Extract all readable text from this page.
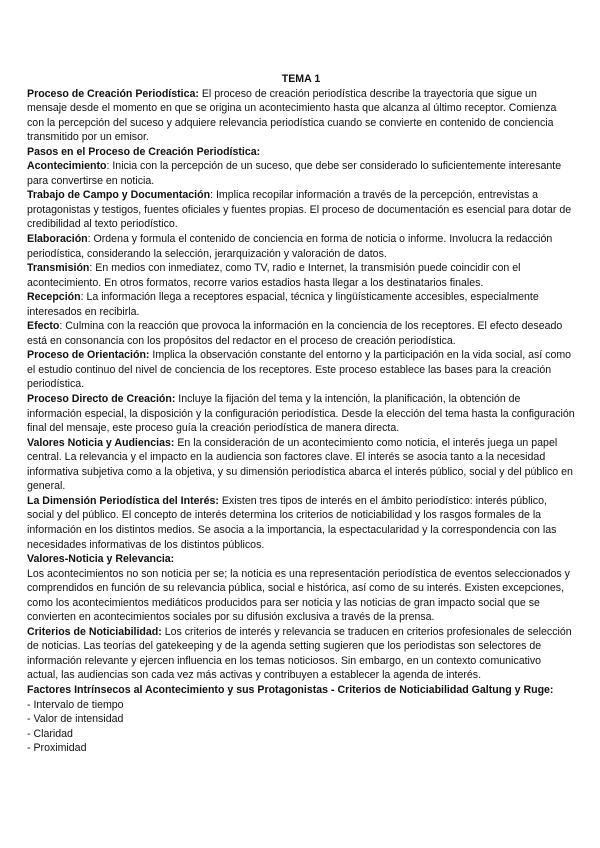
TEMA 1

Proceso de Creación Periodística: El proceso de creación periodística describe la trayectoria que sigue un mensaje desde el momento en que se origina un acontecimiento hasta que alcanza al último receptor. Comienza con la percepción del suceso y adquiere relevancia periodística cuando se convierte en contenido de conciencia transmitido por un emisor.

Pasos en el Proceso de Creación Periodística:

Acontecimiento: Inicia con la percepción de un suceso, que debe ser considerado lo suficientemente interesante para convertirse en noticia.

Trabajo de Campo y Documentación: Implica recopilar información a través de la percepción, entrevistas a protagonistas y testigos, fuentes oficiales y fuentes propias. El proceso de documentación es esencial para dotar de credibilidad al texto periodístico.

Elaboración: Ordena y formula el contenido de conciencia en forma de noticia o informe. Involucra la redacción periodística, considerando la selección, jerarquización y valoración de datos.

Transmisión: En medios con inmediatez, como TV, radio e Internet, la transmisión puede coincidir con el acontecimiento. En otros formatos, recorre varios estadios hasta llegar a los destinatarios finales.

Recepción: La información llega a receptores espacial, técnica y lingüísticamente accesibles, especialmente interesados en recibirla.

Efecto: Culmina con la reacción que provoca la información en la conciencia de los receptores. El efecto deseado está en consonancia con los propósitos del redactor en el proceso de creación periodística.

Proceso de Orientación: Implica la observación constante del entorno y la participación en la vida social, así como el estudio continuo del nivel de conciencia de los receptores. Este proceso establece las bases para la creación periodística.

Proceso Directo de Creación: Incluye la fijación del tema y la intención, la planificación, la obtención de información especial, la disposición y la configuración periodística. Desde la elección del tema hasta la configuración final del mensaje, este proceso guía la creación periodística de manera directa.

Valores Noticia y Audiencias: En la consideración de un acontecimiento como noticia, el interés juega un papel central. La relevancia y el impacto en la audiencia son factores clave. El interés se asocia tanto a la necesidad informativa subjetiva como a la objetiva, y su dimensión periodística abarca el interés público, social y del público en general.

La Dimensión Periodística del Interés: Existen tres tipos de interés en el ámbito periodístico: interés público, social y del público. El concepto de interés determina los criterios de noticiabilidad y los rasgos formales de la información en los distintos medios. Se asocia a la importancia, la espectacularidad y la correspondencia con las necesidades informativas de los distintos públicos.

Valores-Noticia y Relevancia:

Los acontecimientos no son noticia per se; la noticia es una representación periodística de eventos seleccionados y comprendidos en función de su relevancia pública, social e histórica, así como de su interés. Existen excepciones, como los acontecimientos mediáticos producidos para ser noticia y las noticias de gran impacto social que se convierten en acontecimientos sociales por su difusión exclusiva a través de la prensa.

Criterios de Noticiabilidad: Los criterios de interés y relevancia se traducen en criterios profesionales de selección de noticias. Las teorías del gatekeeping y de la agenda setting sugieren que los periodistas son selectores de información relevante y ejercen influencia en los temas noticiosos. Sin embargo, en un contexto comunicativo actual, las audiencias son cada vez más activas y contribuyen a establecer la agenda de interés.

Factores Intrínsecos al Acontecimiento y sus Protagonistas - Criterios de Noticiabilidad Galtung y Ruge:

- Intervalo de tiempo
- Valor de intensidad
- Claridad
- Proximidad
